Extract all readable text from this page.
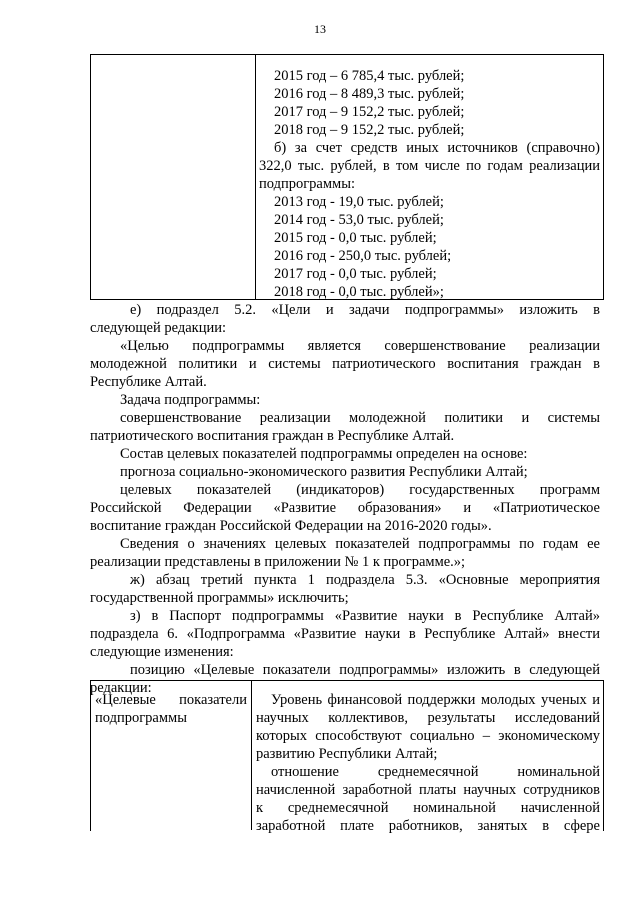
13
2015 год – 6 785,4 тыс. рублей;
2016 год – 8 489,3 тыс. рублей;
2017 год – 9 152,2 тыс. рублей;
2018 год – 9 152,2 тыс. рублей;
б) за счет средств иных источников (справочно)
322,0 тыс. рублей, в том числе по годам реализации
подпрограммы:
2013 год - 19,0 тыс. рублей;
2014 год - 53,0 тыс. рублей;
2015 год - 0,0 тыс. рублей;
2016 год - 250,0 тыс. рублей;
2017 год - 0,0 тыс. рублей;
2018 год - 0,0 тыс. рублей»;
е) подраздел 5.2. «Цели и задачи подпрограммы» изложить в
следующей редакции:
«Целью подпрограммы является совершенствование реализации
молодежной политики и системы патриотического воспитания граждан в
Республике Алтай.
Задача подпрограммы:
совершенствование реализации молодежной политики и системы
патриотического воспитания граждан в Республике Алтай.
Состав целевых показателей подпрограммы определен на основе:
прогноза социально-экономического развития Республики Алтай;
целевых показателей (индикаторов) государственных программ
Российской Федерации «Развитие образования» и «Патриотическое
воспитание граждан Российской Федерации на 2016-2020 годы».
Сведения о значениях целевых показателей подпрограммы по годам ее
реализации представлены в приложении № 1 к программе.»;
ж) абзац третий пункта 1 подраздела 5.3. «Основные мероприятия
государственной программы» исключить;
з) в Паспорт подпрограммы «Развитие науки в Республике Алтай»
подраздела 6. «Подпрограмма «Развитие науки в Республике Алтай» внести
следующие изменения:
позицию «Целевые показатели подпрограммы» изложить в следующей
редакции:
«Целевые показатели
подпрограммы
Уровень финансовой поддержки молодых ученых и
научных коллективов, результаты исследований
которых способствуют социально – экономическому
развитию Республики Алтай;
отношение среднемесячной номинальной
начисленной заработной платы научных сотрудников
к среднемесячной номинальной начисленной
заработной плате работников, занятых в сфере
